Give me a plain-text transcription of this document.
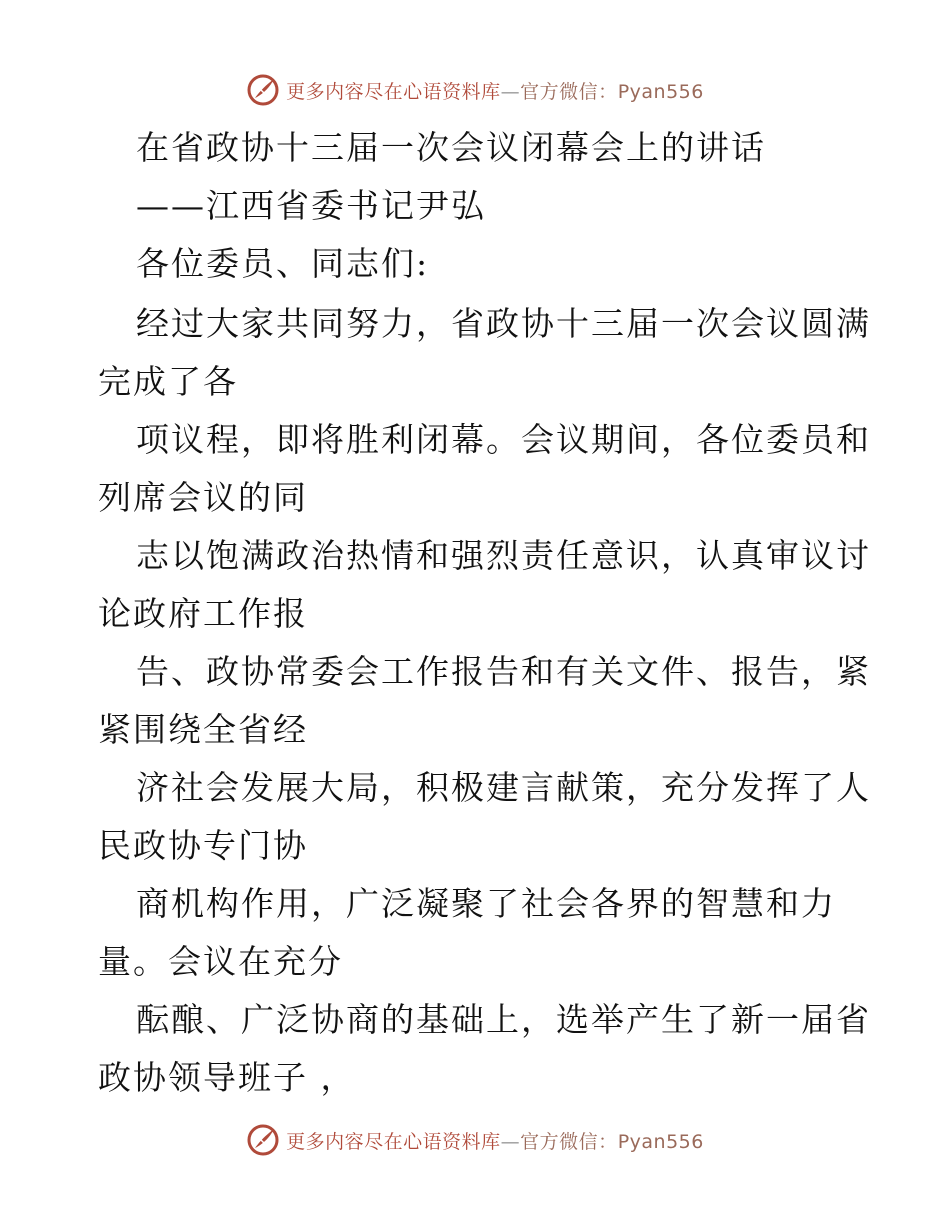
更多内容尽在心语资料库—官方微信：Pyan556
在省政协十三届一次会议闭幕会上的讲话
——江西省委书记尹弘
各位委员、同志们:
经过大家共同努力，省政协十三届一次会议圆满
完成了各
项议程，即将胜利闭幕。会议期间，各位委员和
列席会议的同
志以饱满政治热情和强烈责任意识，认真审议讨
论政府工作报
告、政协常委会工作报告和有关文件、报告，紧
紧围绕全省经
济社会发展大局，积极建言献策，充分发挥了人
民政协专门协
商机构作用，广泛凝聚了社会各界的智慧和力
量。会议在充分
酝酿、广泛协商的基础上，选举产生了新一届省
政协领导班子 ，
更多内容尽在心语资料库—官方微信：Pyan556
